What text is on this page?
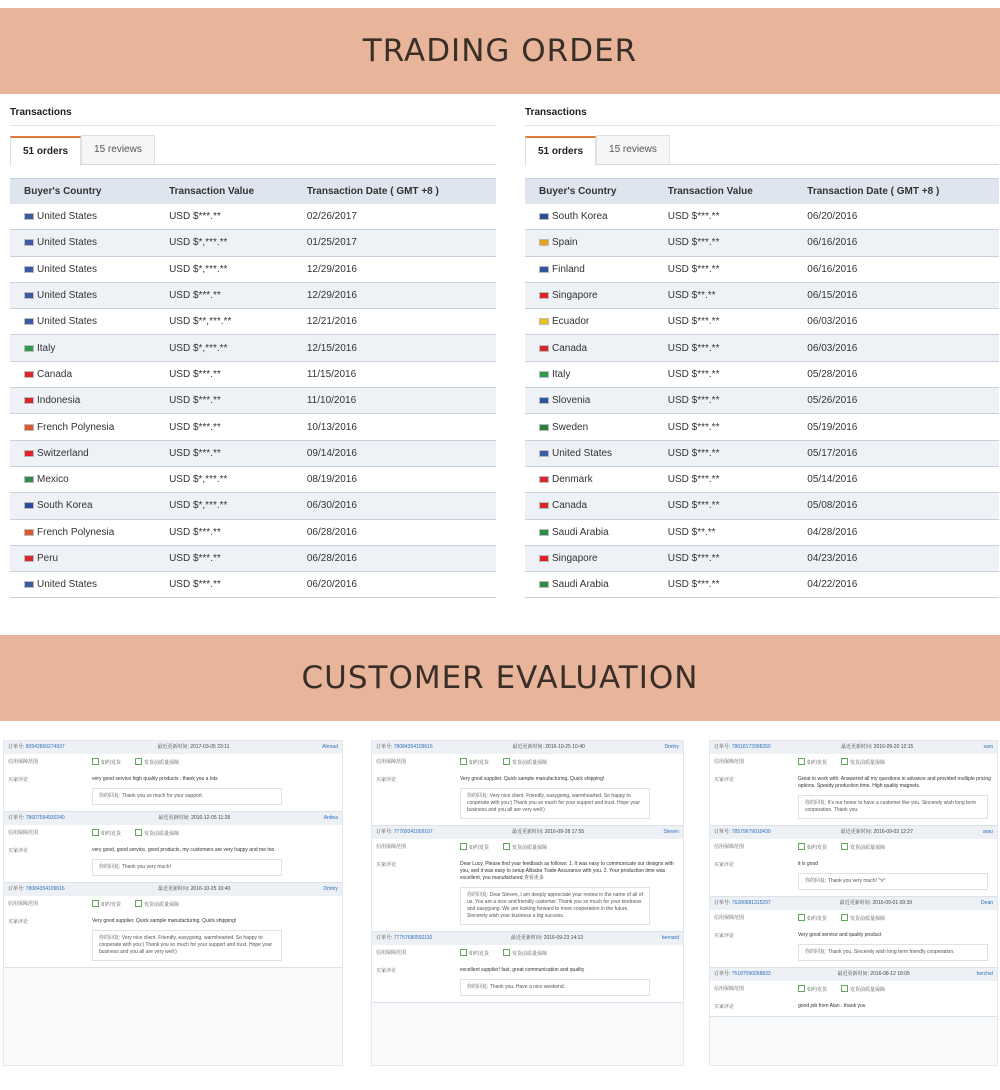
TRADING ORDER
Transactions
51 orders	15 reviews
Buyer's Country	Transaction Value	Transaction Date ( GMT +8 )
United States	USD $***.**	02/26/2017
United States	USD $*,***.**	01/25/2017
United States	USD $*,***.**	12/29/2016
United States	USD $***.**	12/29/2016
United States	USD $**,***.**	12/21/2016
Italy	USD $*,***.**	12/15/2016
Canada	USD $***.**	11/15/2016
Indonesia	USD $***.**	11/10/2016
French Polynesia	USD $***.**	10/13/2016
Switzerland	USD $***.**	09/14/2016
Mexico	USD $*,***.**	08/19/2016
South Korea	USD $*,***.**	06/30/2016
French Polynesia	USD $***.**	06/28/2016
Peru	USD $***.**	06/28/2016
United States	USD $***.**	06/20/2016
Transactions
51 orders	15 reviews
Buyer's Country	Transaction Value	Transaction Date ( GMT +8 )
South Korea	USD $***.**	06/20/2016
Spain	USD $***.**	06/16/2016
Finland	USD $***.**	06/16/2016
Singapore	USD $**.**	06/15/2016
Ecuador	USD $***.**	06/03/2016
Canada	USD $***.**	06/03/2016
Italy	USD $***.**	05/28/2016
Slovenia	USD $***.**	05/26/2016
Sweden	USD $***.**	05/19/2016
United States	USD $***.**	05/17/2016
Denmark	USD $***.**	05/14/2016
Canada	USD $***.**	05/08/2016
Saudi Arabia	USD $**.**	04/28/2016
Singapore	USD $***.**	04/23/2016
Saudi Arabia	USD $***.**	04/22/2016
CUSTOMER EVALUATION
订单号: 80542860274937	最近更新时间: 2017-03-05 23:11	Ahmad
信用保障范围	如约发货	发货前质量保障
买家评论	very good service high quality products . thank you a lots
你的回复: Thank you so much for your support.
订单号: 78607594930240	最近更新时间: 2016-12-05 11:28	Anitea
信用保障范围	如约发货	发货前质量保障
买家评论	very good, good service, good products, my customers are very happy and me too.
你的回复: Thank you very much!
订单号: 78084354109616	最近更新时间: 2016-10-25 10:40	Dmitry
信用保障范围	如约发货	发货前质量保障
买家评论	Very good supplier. Quick sample manufacturing. Quick shipping!
你的回复: Very nice client. Friendly, easygoing, warmhearted. So happy to cooperate with you:) Thank you so much for your support and trust. Hope your business and you all are very well:)
订单号: 78084354109616	最近更新时间: 2016-10-25 10:40	Dmitry
信用保障范围	如约发货	发货前质量保障
买家评论	Very good supplier. Quick sample manufacturing. Quick shipping!
你的回复: Very nice client. Friendly, easygoing, warmhearted. So happy to cooperate with you:) Thank you so much for your support and trust. Hope your business and you all are very well:)
订单号: 77709341009107	最近更新时间: 2016-09-28 17:55	Steven
信用保障范围	如约发货	发货前质量保障
买家评论	Dear Lucy, Please find your feedback as follows: 1. It was easy to communicate our designs with you, and it was easy to setup Alibaba Trade Assurance with you. 2. Your production time was excellent, you manufactured 查看更多
你的回复: Dear Steven, I am deeply appreciate your review in the name of all of us. You are a nice and friendly customer. Thank you so much for your kindness and easygoing. We are looking forward to more cooperation in the future. Sincerely wish your business a big success.
订单号: 77757680592110	最近更新时间: 2016-09-23 14:13	bernard
信用保障范围	如约发货	发货前质量保障
买家评论	excellent supplier! fast, great communication and quality
你的回复: Thank you. Have a nice weekend.
订单号: 78018173398260	最近更新时间: 2016-09-20 12:15	sam
信用保障范围	如约发货	发货前质量保障
买家评论	Great to work with. Answered all my questions in advance and provided multiple pricing options. Speedy production time. High quality magnets.
你的回复: It's our honor to have a customer like you. Sincerely wish long term cooperation. Thank you.
订单号: 78579679010430	最近更新时间: 2016-09-03 12:27	arao
信用保障范围	如约发货	发货前质量保障
买家评论	it is good
你的回复: Thank you very much! ^v^
订单号: 76280681315297	最近更新时间: 2016-09-01 09:39	Dean
信用保障范围	如约发货	发货前质量保障
买家评论	Very good service and quality product
你的回复: Thank you. Sincerely wish long term friendly cooperation.
订单号: 75187090058833	最近更新时间: 2016-08-12 18:05	herchel
信用保障范围	如约发货	发货前质量保障
买家评论	good job from Alan . thank you
